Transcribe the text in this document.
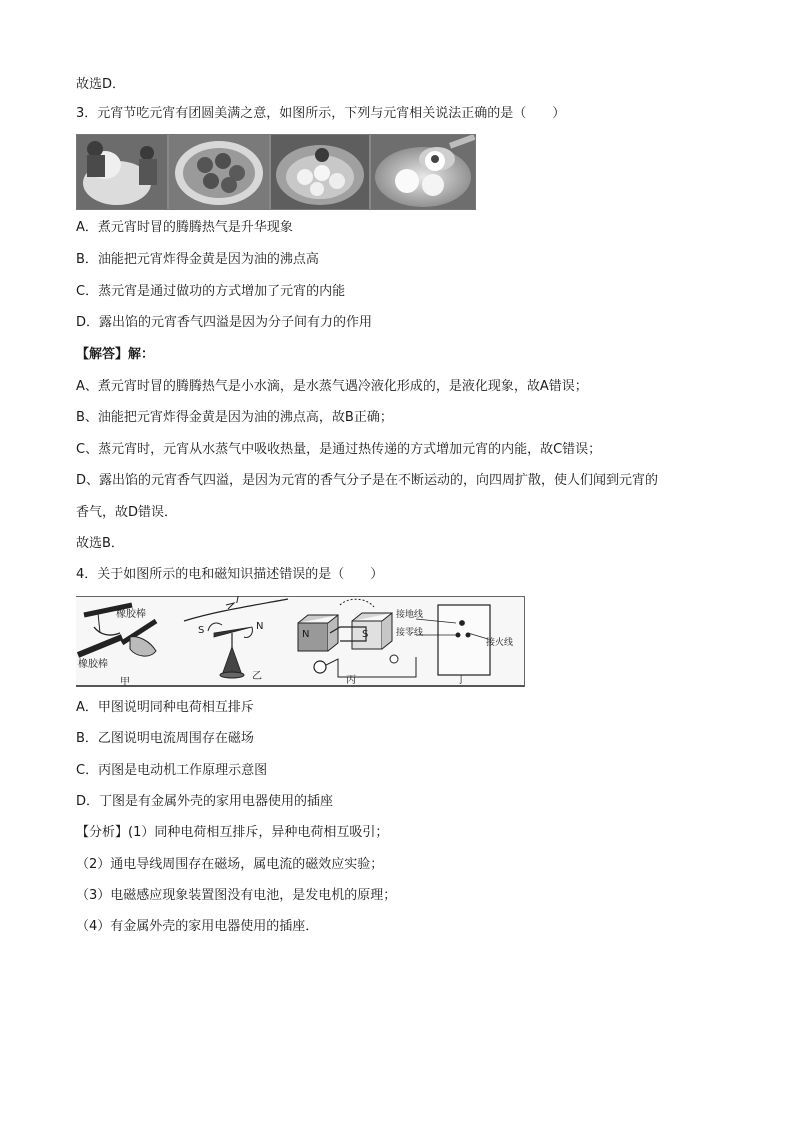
故选D．
3．元宵节吃元宵有团圆美满之意，如图所示，下列与元宵相关说法正确的是（　　）
A．煮元宵时冒的腾腾热气是升华现象
B．油能把元宵炸得金黄是因为油的沸点高
C．蒸元宵是通过做功的方式增加了元宵的内能
D．露出馅的元宵香气四溢是因为分子间有力的作用
【解答】解：
A、煮元宵时冒的腾腾热气是小水滴，是水蒸气遇冷液化形成的，是液化现象，故A错误；
B、油能把元宵炸得金黄是因为油的沸点高，故B正确；
C、蒸元宵时，元宵从水蒸气中吸收热量，是通过热传递的方式增加元宵的内能，故C错误；
D、露出馅的元宵香气四溢，是因为元宵的香气分子是在不断运动的，向四周扩散，使人们闻到元宵的
香气，故D错误．
故选B．
4．关于如图所示的电和磁知识描述错误的是（　　）
橡胶棒
橡胶棒
甲
I
S	N
乙
N	S
丙
接地线
接零线
接火线
丁
A．甲图说明同种电荷相互排斥
B．乙图说明电流周围存在磁场
C．丙图是电动机工作原理示意图
D．丁图是有金属外壳的家用电器使用的插座
【分析】(1）同种电荷相互排斥，异种电荷相互吸引；
（2）通电导线周围存在磁场，属电流的磁效应实验；
（3）电磁感应现象装置图没有电池，是发电机的原理；
（4）有金属外壳的家用电器使用的插座．
